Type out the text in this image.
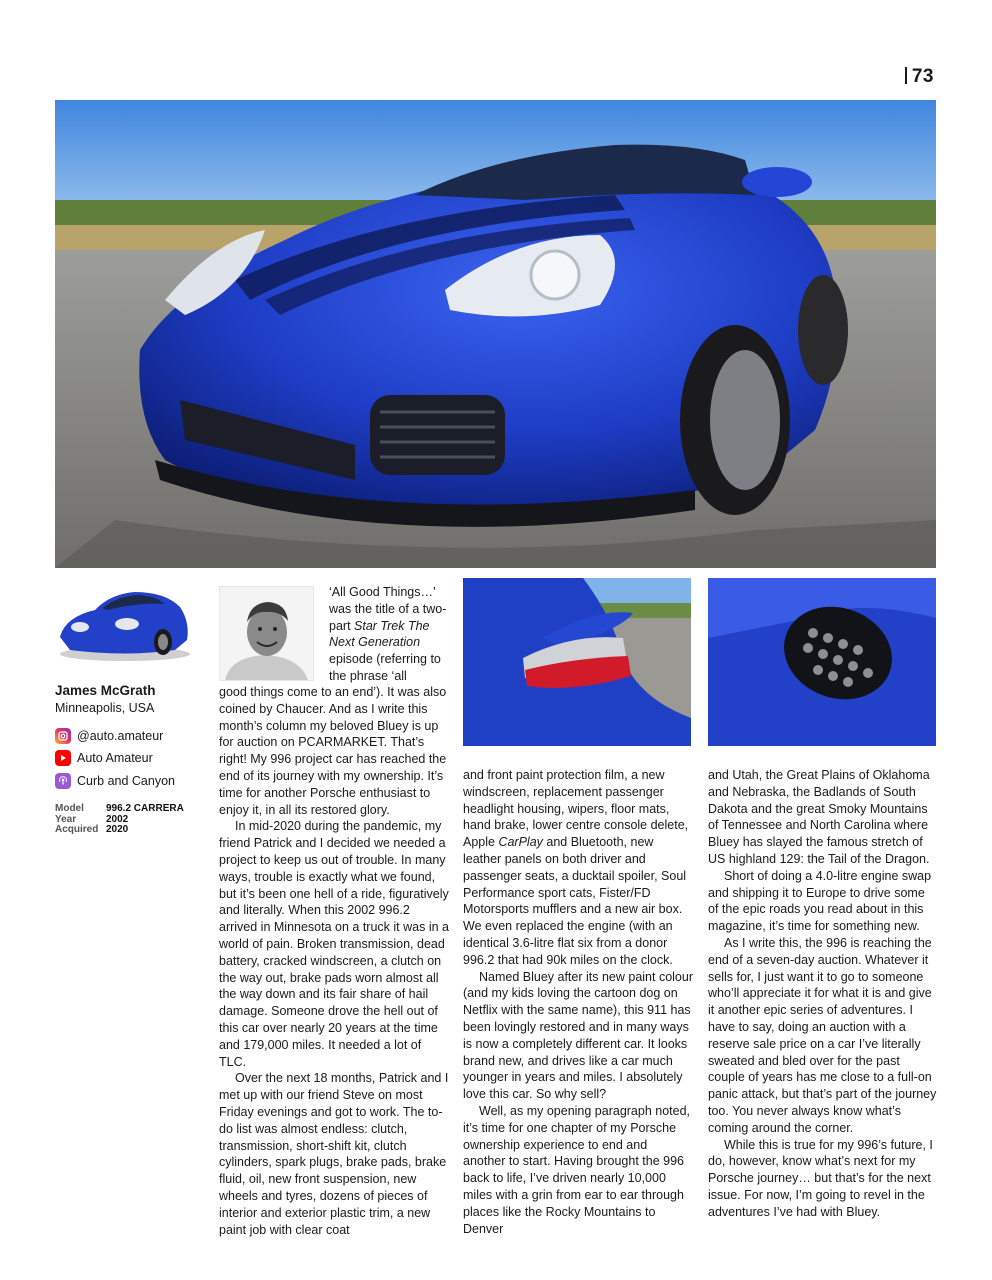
73
James McGrath
Minneapolis, USA
@auto.amateur
Auto Amateur
Curb and Canyon
Model	996.2 CARRERA
Year	2002
Acquired 2020

‘All Good Things…’ was the title of a two-part Star Trek The Next Generation episode (referring to the phrase ‘all

good things come to an end’). It was also coined by Chaucer. And as I write this month’s column my beloved Bluey is up for auction on PCARMARKET. That’s right! My 996 project car has reached the end of its journey with my ownership. It’s time for another Porsche enthusiast to enjoy it, in all its restored glory.

In mid-2020 during the pandemic, my friend Patrick and I decided we needed a project to keep us out of trouble. In many ways, trouble is exactly what we found, but it’s been one hell of a ride, figuratively and literally. When this 2002 996.2 arrived in Minnesota on a truck it was in a world of pain. Broken transmission, dead battery, cracked windscreen, a clutch on the way out, brake pads worn almost all the way down and its fair share of hail damage. Someone drove the hell out of this car over nearly 20 years at the time and 179,000 miles. It needed a lot of TLC.

Over the next 18 months, Patrick and I met up with our friend Steve on most Friday evenings and got to work. The to-do list was almost endless: clutch, transmission, short-shift kit, clutch cylinders, spark plugs, brake pads, brake fluid, oil, new front suspension, new wheels and tyres, dozens of pieces of interior and exterior plastic trim, a new paint job with clear coat

and front paint protection film, a new windscreen, replacement passenger headlight housing, wipers, floor mats, hand brake, lower centre console delete, Apple CarPlay and Bluetooth, new leather panels on both driver and passenger seats, a ducktail spoiler, Soul Performance sport cats, Fister/FD Motorsports mufflers and a new air box. We even replaced the engine (with an identical 3.6-litre flat six from a donor 996.2 that had 90k miles on the clock.

Named Bluey after its new paint colour (and my kids loving the cartoon dog on Netflix with the same name), this 911 has been lovingly restored and in many ways is now a completely different car. It looks brand new, and drives like a car much younger in years and miles. I absolutely love this car. So why sell?

Well, as my opening paragraph noted, it’s time for one chapter of my Porsche ownership experience to end and another to start. Having brought the 996 back to life, I’ve driven nearly 10,000 miles with a grin from ear to ear through places like the Rocky Mountains to Denver

and Utah, the Great Plains of Oklahoma and Nebraska, the Badlands of South Dakota and the great Smoky Mountains of Tennessee and North Carolina where Bluey has slayed the famous stretch of US highland 129: the Tail of the Dragon.

Short of doing a 4.0-litre engine swap and shipping it to Europe to drive some of the epic roads you read about in this magazine, it’s time for something new.

As I write this, the 996 is reaching the end of a seven-day auction. Whatever it sells for, I just want it to go to someone who’ll appreciate it for what it is and give it another epic series of adventures. I have to say, doing an auction with a reserve sale price on a car I’ve literally sweated and bled over for the past couple of years has me close to a full-on panic attack, but that’s part of the journey too. You never always know what’s coming around the corner.

While this is true for my 996’s future, I do, however, know what’s next for my Porsche journey… but that’s for the next issue. For now, I’m going to revel in the adventures I’ve had with Bluey.
